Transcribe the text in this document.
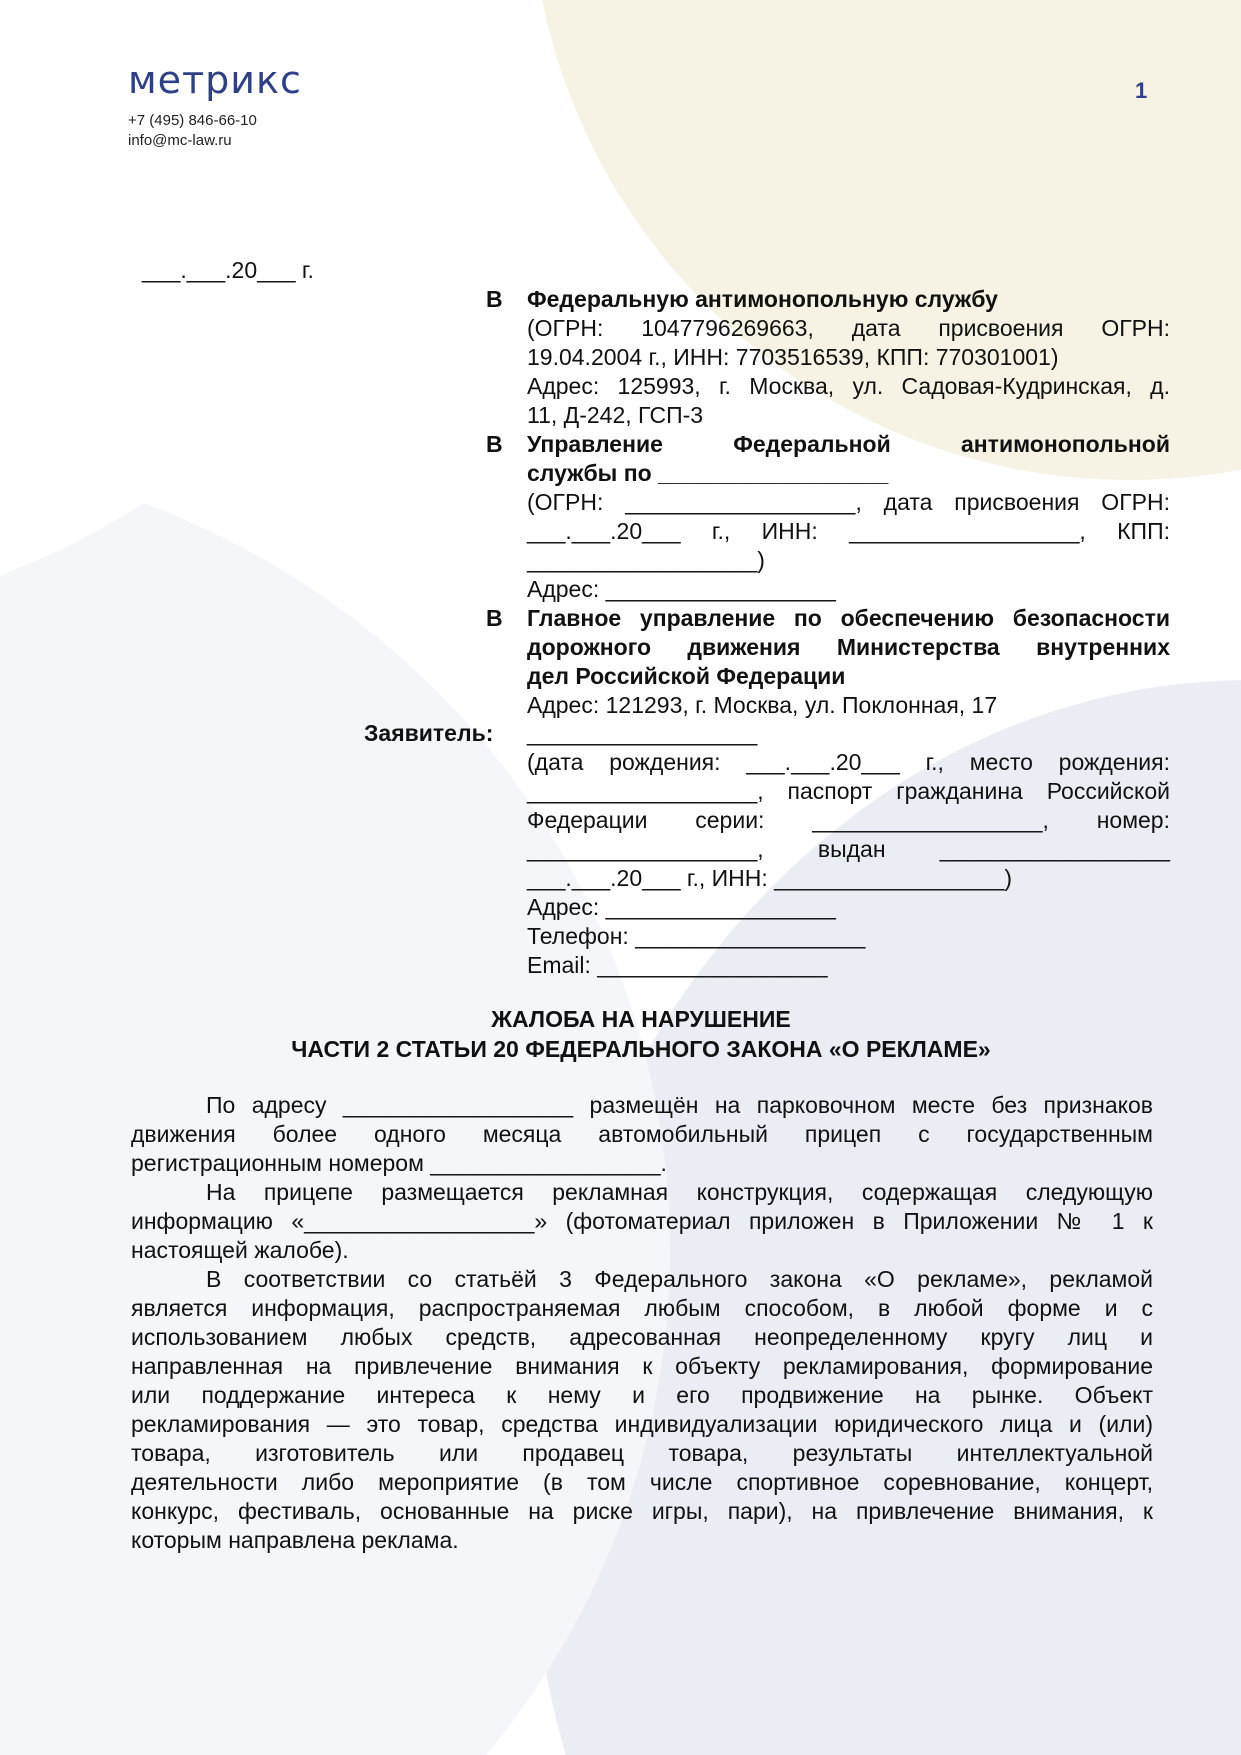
метрикс
+7 (495) 846-66-10
info@mc-law.ru
1
___.___.20___ г.
В Федеральную антимонопольную службу
(ОГРН: 1047796269663, дата присвоения ОГРН:
19.04.2004 г., ИНН: 7703516539, КПП: 770301001)
Адрес: 125993, г. Москва, ул. Садовая-Кудринская, д.
11, Д-242, ГСП-3
В Управление Федеральной антимонопольной
службы по __________________
(ОГРН: __________________, дата присвоения ОГРН:
___.___.20___ г., ИНН: __________________, КПП:
__________________)
Адрес: __________________
В Главное управление по обеспечению безопасности
дорожного движения Министерства внутренних
дел Российской Федерации
Адрес: 121293, г. Москва, ул. Поклонная, 17
Заявитель: __________________
(дата рождения: ___.___.20___ г., место рождения:
__________________, паспорт гражданина Российской
Федерации серии: __________________, номер:
__________________, выдан __________________
___.___.20___ г., ИНН: __________________)
Адрес: __________________
Телефон: __________________
Email: __________________
ЖАЛОБА НА НАРУШЕНИЕ
ЧАСТИ 2 СТАТЬИ 20 ФЕДЕРАЛЬНОГО ЗАКОНА «О РЕКЛАМЕ»
По адресу __________________ размещён на парковочном месте без признаков
движения более одного месяца автомобильный прицеп с государственным
регистрационным номером __________________.
На прицепе размещается рекламная конструкция, содержащая следующую
информацию «__________________» (фотоматериал приложен в Приложении № 1 к
настоящей жалобе).
В соответствии со статьёй 3 Федерального закона «О рекламе», рекламой
является информация, распространяемая любым способом, в любой форме и с
использованием любых средств, адресованная неопределенному кругу лиц и
направленная на привлечение внимания к объекту рекламирования, формирование
или поддержание интереса к нему и его продвижение на рынке. Объект
рекламирования — это товар, средства индивидуализации юридического лица и (или)
товара, изготовитель или продавец товара, результаты интеллектуальной
деятельности либо мероприятие (в том числе спортивное соревнование, концерт,
конкурс, фестиваль, основанные на риске игры, пари), на привлечение внимания, к
которым направлена реклама.
